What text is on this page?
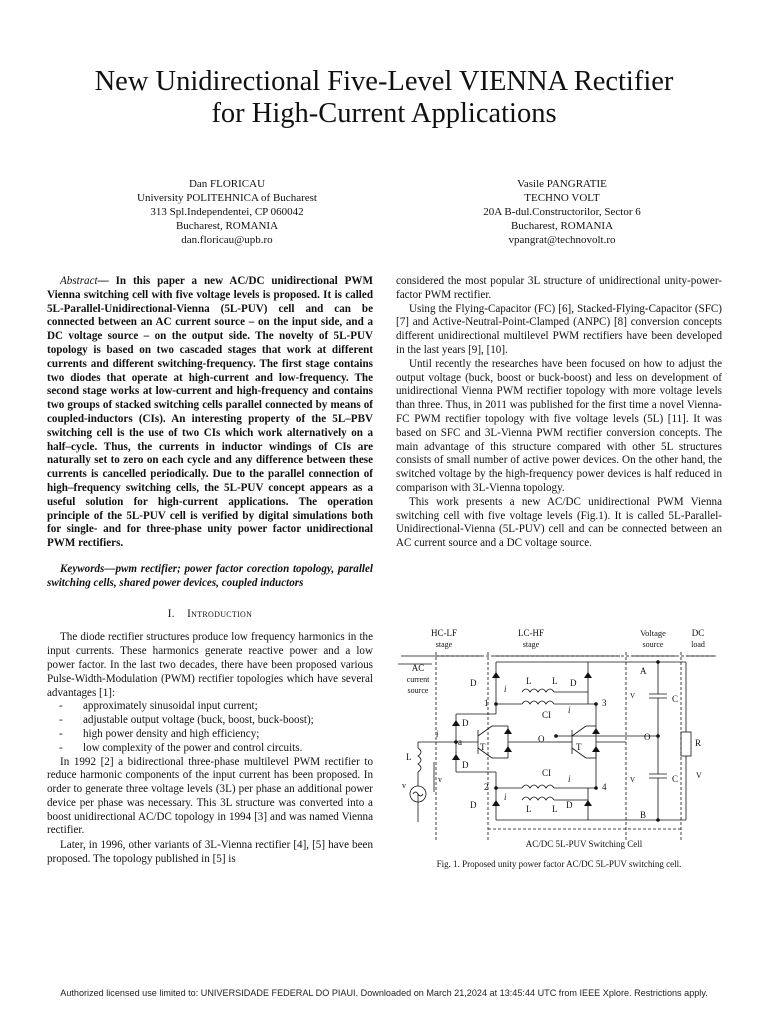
New Unidirectional Five-Level VIENNA Rectifier
for High-Current Applications
Dan FLORICAU
University POLITEHNICA of Bucharest
313 Spl.Independentei, CP 060042
Bucharest, ROMANIA
dan.floricau@upb.ro
Vasile PANGRATIE
TECHNO VOLT
20A B-dul.Constructorilor, Sector 6
Bucharest, ROMANIA
vpangrat@technovolt.ro

Abstract— In this paper a new AC/DC unidirectional PWM Vienna switching cell with five voltage levels is proposed. It is called 5L-Parallel-Unidirectional-Vienna (5L-PUV) cell and can be connected between an AC current source – on the input side, and a DC voltage source – on the output side. The novelty of 5L-PUV topology is based on two cascaded stages that work at different currents and different switching-frequency. The first stage contains two diodes that operate at high-current and low-frequency. The second stage works at low-current and high-frequency and contains two groups of stacked switching cells parallel connected by means of coupled-inductors (CIs). An interesting property of the 5L–PBV switching cell is the use of two CIs which work alternatively on a half–cycle. Thus, the currents in inductor windings of CIs are naturally set to zero on each cycle and any difference between these currents is cancelled periodically. Due to the parallel connection of high–frequency switching cells, the 5L-PUV concept appears as a useful solution for high-current applications. The operation principle of the 5L-PUV cell is verified by digital simulations both for single- and for three-phase unity power factor unidirectional PWM rectifiers.

Keywords—pwm rectifier; power factor corection topology, parallel switching cells, shared power devices, coupled inductors

I. Introduction

The diode rectifier structures produce low frequency harmonics in the input currents. These harmonics generate reactive power and a low power factor. In the last two decades, there have been proposed various Pulse-Width-Modulation (PWM) rectifier topologies which have several advantages [1]:

- approximately sinusoidal input current;
- adjustable output voltage (buck, boost, buck-boost);
- high power density and high efficiency;
- low complexity of the power and control circuits.

In 1992 [2] a bidirectional three-phase multilevel PWM rectifier to reduce harmonic components of the input current has been proposed. In order to generate three voltage levels (3L) per phase an additional power device per phase was necessary. This 3L structure was converted into a boost unidirectional AC/DC topology in 1994 [3] and was named Vienna rectifier.

Later, in 1996, other variants of 3L-Vienna rectifier [4], [5] have been proposed. The topology published in [5] is

considered the most popular 3L structure of unidirectional unity-power-factor PWM rectifier.

Using the Flying-Capacitor (FC) [6], Stacked-Flying-Capacitor (SFC) [7] and Active-Neutral-Point-Clamped (ANPC) [8] conversion concepts different unidirectional multilevel PWM rectifiers have been developed in the last years [9], [10].

Until recently the researches have been focused on how to adjust the output voltage (buck, boost or buck-boost) and less on development of unidirectional Vienna PWM rectifier topology with more voltage levels than three. Thus, in 2011 was published for the first time a novel Vienna-FC PWM rectifier topology with five voltage levels (5L) [11]. It was based on SFC and 3L-Vienna PWM rectifier conversion concepts. The main advantage of this structure compared with other 5L structures consists of small number of active power devices. On the other hand, the switched voltage by the high-frequency power devices is half reduced in comparison with 3L-Vienna topology.

This work presents a new AC/DC unidirectional PWM Vienna switching cell with five voltage levels (Fig.1). It is called 5L-Parallel-Unidirectional-Vienna (5L-PUV) cell and can be connected between an AC current source and a DC voltage source.

HC-LF
stage
LC-HF
stage
Voltage
source
DC
load
AC
current
source
D	D
D	D
D
D
T	T
L L
L L
CI
CI
C
C
R
L
i
i
i
i
i
v
v	V
V
V
A
B
O
O
a
1
2
3
4
AC/DC 5L-PUV Switching Cell
Fig. 1. Proposed unity power factor AC/DC 5L-PUV switching cell.
Authorized licensed use limited to: UNIVERSIDADE FEDERAL DO PIAUI. Downloaded on March 21,2024 at 13:45:44 UTC from IEEE Xplore. Restrictions apply.
